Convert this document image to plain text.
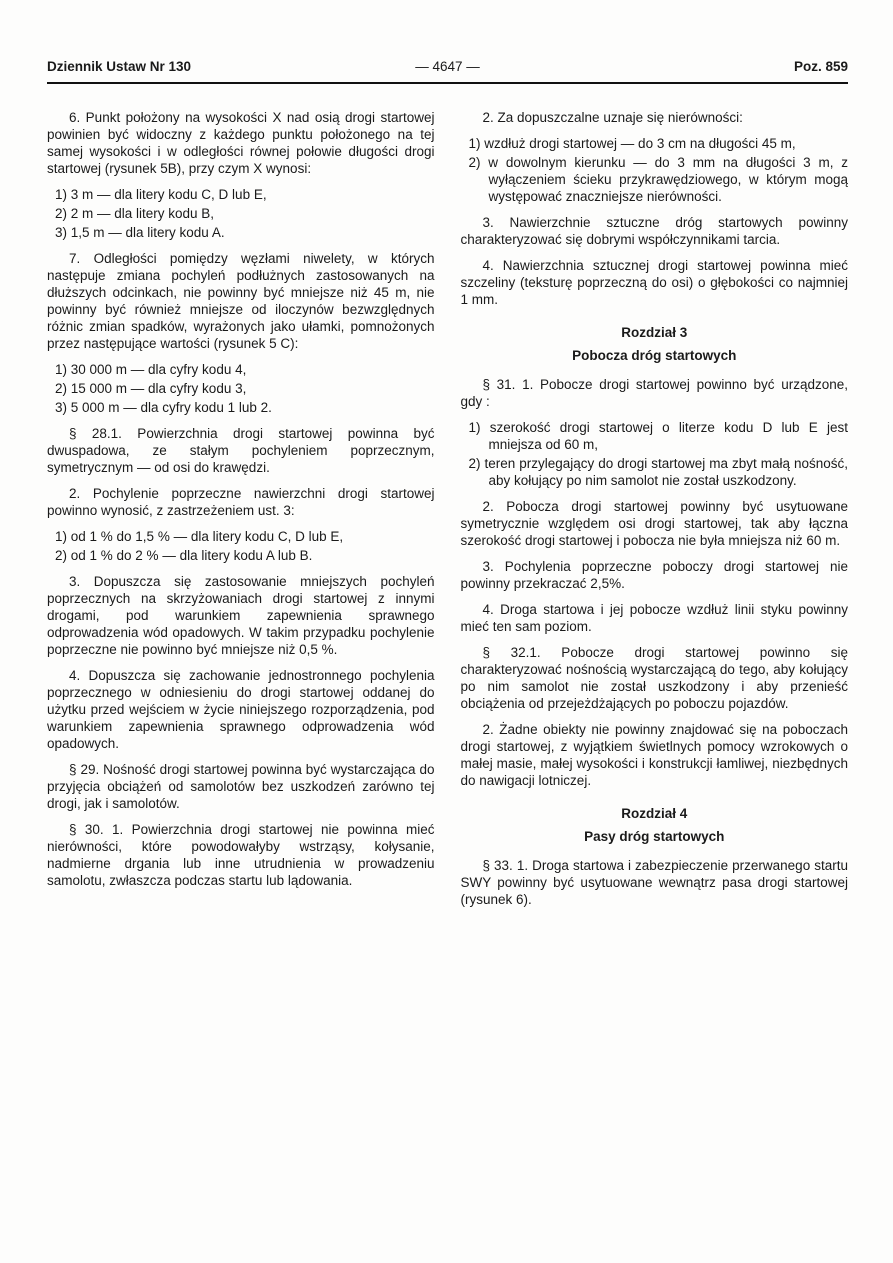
Dziennik Ustaw Nr 130	— 4647 —	Poz. 859
6. Punkt położony na wysokości X nad osią drogi startowej powinien być widoczny z każdego punktu położonego na tej samej wysokości i w odległości równej połowie długości drogi startowej (rysunek 5B), przy czym X wynosi:
1) 3 m — dla litery kodu C, D lub E,
2) 2 m — dla litery kodu B,
3) 1,5 m — dla litery kodu A.
7. Odległości pomiędzy węzłami niwelety, w których następuje zmiana pochyleń podłużnych zastosowanych na dłuższych odcinkach, nie powinny być mniejsze niż 45 m, nie powinny być również mniejsze od iloczynów bezwzględnych różnic zmian spadków, wyrażonych jako ułamki, pomnożonych przez następujące wartości (rysunek 5 C):
1) 30 000 m — dla cyfry kodu 4,
2) 15 000 m — dla cyfry kodu 3,
3) 5 000 m — dla cyfry kodu 1 lub 2.
§ 28.1. Powierzchnia drogi startowej powinna być dwuspadowa, ze stałym pochyleniem poprzecznym, symetrycznym — od osi do krawędzi.
2. Pochylenie poprzeczne nawierzchni drogi startowej powinno wynosić, z zastrzeżeniem ust. 3:
1) od 1 % do 1,5 % — dla litery kodu C, D lub E,
2) od 1 % do 2 % — dla litery kodu A lub B.
3. Dopuszcza się zastosowanie mniejszych pochyleń poprzecznych na skrzyżowaniach drogi startowej z innymi drogami, pod warunkiem zapewnienia sprawnego odprowadzenia wód opadowych. W takim przypadku pochylenie poprzeczne nie powinno być mniejsze niż 0,5 %.
4. Dopuszcza się zachowanie jednostronnego pochylenia poprzecznego w odniesieniu do drogi startowej oddanej do użytku przed wejściem w życie niniejszego rozporządzenia, pod warunkiem zapewnienia sprawnego odprowadzenia wód opadowych.
§ 29. Nośność drogi startowej powinna być wystarczająca do przyjęcia obciążeń od samolotów bez uszkodzeń zarówno tej drogi, jak i samolotów.
§ 30. 1. Powierzchnia drogi startowej nie powinna mieć nierówności, które powodowałyby wstrząsy, kołysanie, nadmierne drgania lub inne utrudnienia w prowadzeniu samolotu, zwłaszcza podczas startu lub lądowania.
2. Za dopuszczalne uznaje się nierówności:
1) wzdłuż drogi startowej — do 3 cm na długości 45 m,
2) w dowolnym kierunku — do 3 mm na długości 3 m, z wyłączeniem ścieku przykrawędziowego, w którym mogą występować znaczniejsze nierówności.
3. Nawierzchnie sztuczne dróg startowych powinny charakteryzować się dobrymi współczynnikami tarcia.
4. Nawierzchnia sztucznej drogi startowej powinna mieć szczeliny (teksturę poprzeczną do osi) o głębokości co najmniej 1 mm.
Rozdział 3
Pobocza dróg startowych
§ 31. 1. Pobocze drogi startowej powinno być urządzone, gdy :
1) szerokość drogi startowej o literze kodu D lub E jest mniejsza od 60 m,
2) teren przylegający do drogi startowej ma zbyt małą nośność, aby kołujący po nim samolot nie został uszkodzony.
2. Pobocza drogi startowej powinny być usytuowane symetrycznie względem osi drogi startowej, tak aby łączna szerokość drogi startowej i pobocza nie była mniejsza niż 60 m.
3. Pochylenia poprzeczne poboczy drogi startowej nie powinny przekraczać 2,5%.
4. Droga startowa i jej pobocze wzdłuż linii styku powinny mieć ten sam poziom.
§ 32.1. Pobocze drogi startowej powinno się charakteryzować nośnością wystarczającą do tego, aby kołujący po nim samolot nie został uszkodzony i aby przenieść obciążenia od przejeżdżających po poboczu pojazdów.
2. Żadne obiekty nie powinny znajdować się na poboczach drogi startowej, z wyjątkiem świetlnych pomocy wzrokowych o małej masie, małej wysokości i konstrukcji łamliwej, niezbędnych do nawigacji lotniczej.
Rozdział 4
Pasy dróg startowych
§ 33. 1. Droga startowa i zabezpieczenie przerwanego startu SWY powinny być usytuowane wewnątrz pasa drogi startowej (rysunek 6).
